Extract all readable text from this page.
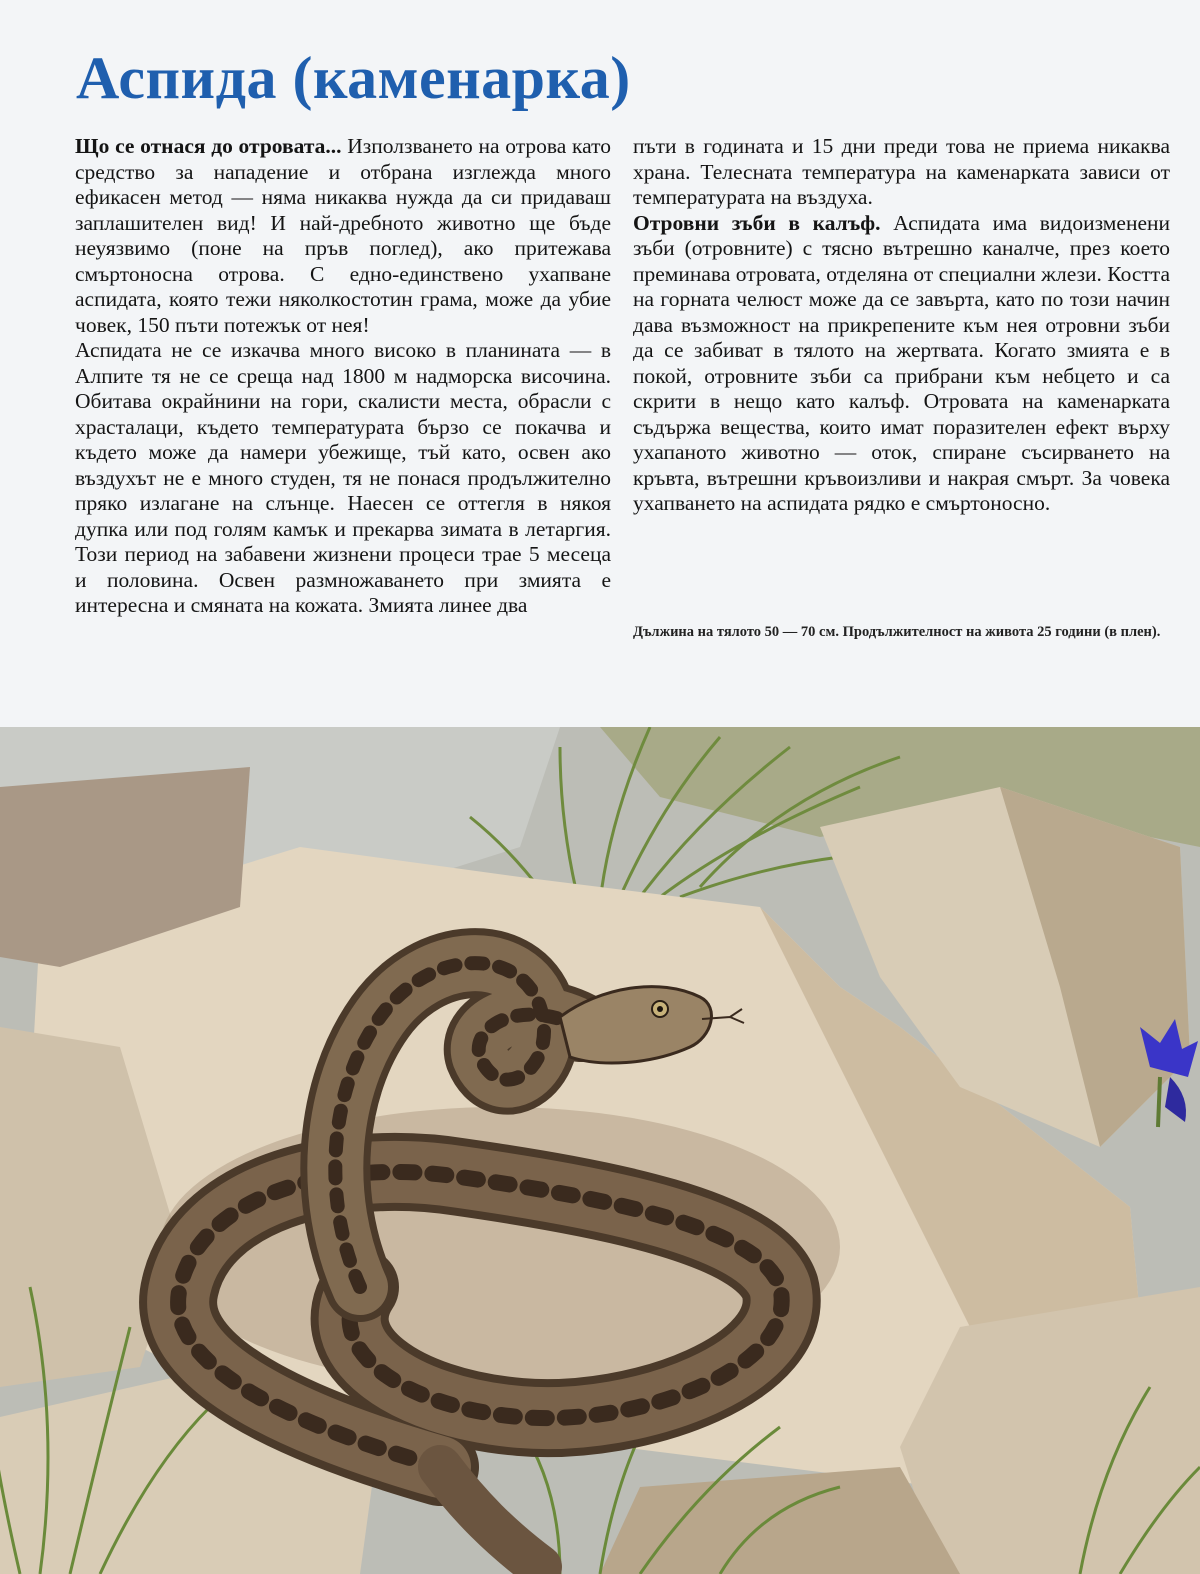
Аспида (каменарка)

Що се отнася до отровата... Използването на отрова като средство за нападение и отбрана изглежда много ефикасен метод — няма никаква нужда да си придаваш заплашителен вид! И най-дребното животно ще бъде неуязвимо (поне на пръв поглед), ако притежава смъртоносна отрова. С едно-единствено ухапване аспидата, която тежи няколкостотин грама, може да убие човек, 150 пъти потежък от нея!

Аспидата не се изкачва много високо в планината — в Алпите тя не се среща над 1800 м надморска височина. Обитава окрайнини на гори, скалисти места, обрасли с храсталаци, където температурата бързо се покачва и където може да намери убежище, тъй като, освен ако въздухът не е много студен, тя не понася продължително пряко излагане на слънце. Наесен се оттегля в някоя дупка или под голям камък и прекарва зимата в летаргия. Този период на забавени жизнени процеси трае 5 месеца и половина. Освен размножаването при змията е интересна и смяната на кожата. Змията линее два

пъти в годината и 15 дни преди това не приема никаква храна. Телесната температура на каменарката зависи от температурата на въздуха.

Отровни зъби в калъф. Аспидата има видоизменени зъби (отровните) с тясно вътрешно каналче, през което преминава отровата, отделяна от специални жлези. Костта на горната челюст може да се завърта, като по този начин дава възможност на прикрепените към нея отровни зъби да се забиват в тялото на жертвата. Когато змията е в покой, отровните зъби са прибрани към небцето и са скрити в нещо като калъф. Отровата на каменарката съдържа вещества, които имат поразителен ефект върху ухапаното животно — оток, спиране съсирването на кръвта, вътрешни кръвоизливи и накрая смърт. За човека ухапването на аспидата рядко е смъртоносно.

Дължина на тялото 50 — 70 см. Продължителност на живота 25 години (в плен).
